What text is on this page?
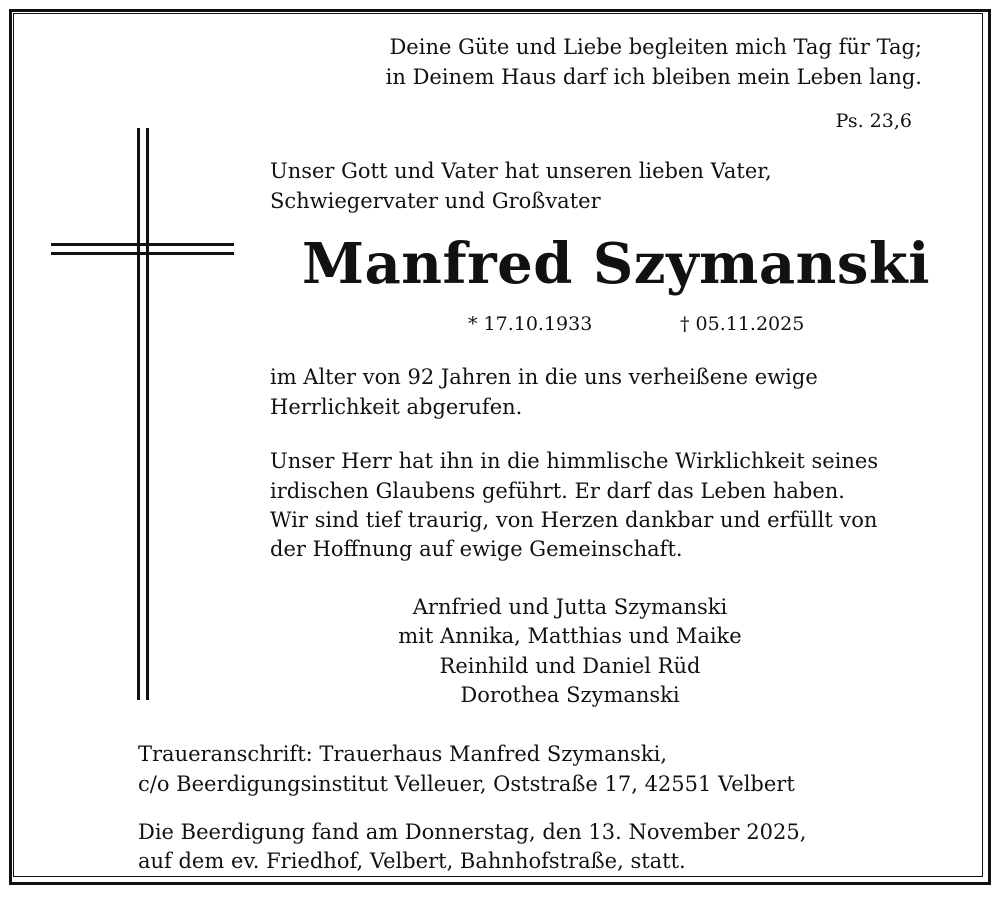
Deine Güte und Liebe begleiten mich Tag für Tag;

in Deinem Haus darf ich bleiben mein Leben lang.

Ps. 23,6

Unser Gott und Vater hat unseren lieben Vater,

Schwiegervater und Großvater

Manfred Szymanski

* 17.10.1933	† 05.11.2025

im Alter von 92 Jahren in die uns verheißene ewige

Herrlichkeit abgerufen.

Unser Herr hat ihn in die himmlische Wirklichkeit seines

irdischen Glaubens geführt. Er darf das Leben haben.

Wir sind tief traurig, von Herzen dankbar und erfüllt von

der Hoffnung auf ewige Gemeinschaft.

Arnfried und Jutta Szymanski

mit Annika, Matthias und Maike

Reinhild und Daniel Rüd

Dorothea Szymanski

Traueranschrift: Trauerhaus Manfred Szymanski,

c/o Beerdigungsinstitut Velleuer, Oststraße 17, 42551 Velbert

Die Beerdigung fand am Donnerstag, den 13. November 2025,

auf dem ev. Friedhof, Velbert, Bahnhofstraße, statt.
